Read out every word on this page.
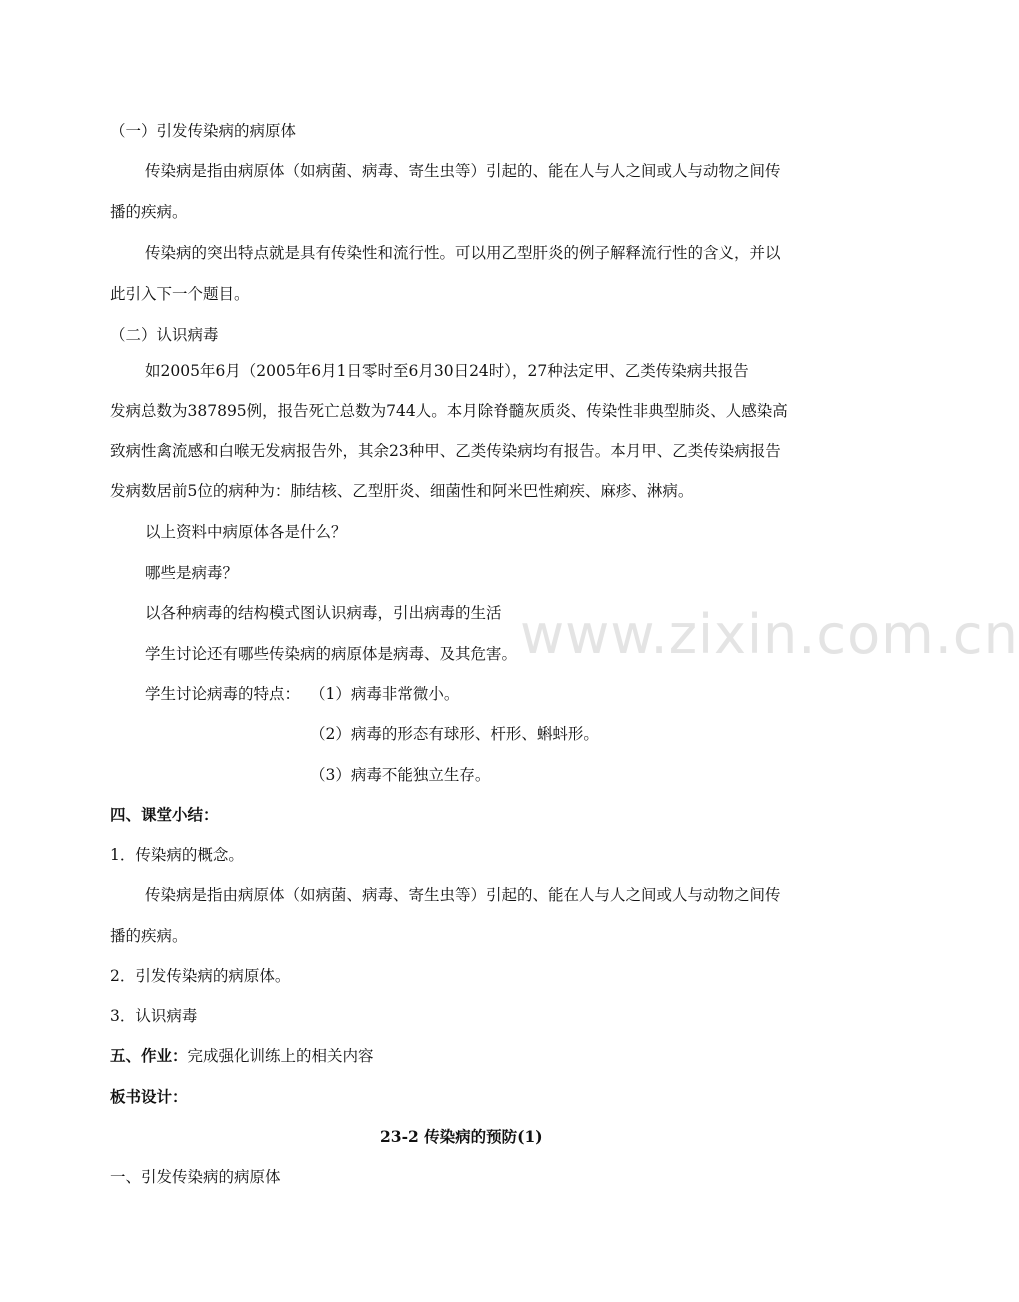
www.zixin.com.cn
（一）引发传染病的病原体
传染病是指由病原体（如病菌、病毒、寄生虫等）引起的、能在人与人之间或人与动物之间传
播的疾病。
传染病的突出特点就是具有传染性和流行性。可以用乙型肝炎的例子解释流行性的含义，并以
此引入下一个题目。
（二）认识病毒
如2005年6月（2005年6月1日零时至6月30日24时），27种法定甲、乙类传染病共报告
发病总数为387895例，报告死亡总数为744人。本月除脊髓灰质炎、传染性非典型肺炎、人感染高
致病性禽流感和白喉无发病报告外，其余23种甲、乙类传染病均有报告。本月甲、乙类传染病报告
发病数居前5位的病种为：肺结核、乙型肝炎、细菌性和阿米巴性痢疾、麻疹、淋病。
以上资料中病原体各是什么？
哪些是病毒？
以各种病毒的结构模式图认识病毒，引出病毒的生活
学生讨论还有哪些传染病的病原体是病毒、及其危害。
学生讨论病毒的特点： （1）病毒非常微小。
（2）病毒的形态有球形、杆形、蝌蚪形。
（3）病毒不能独立生存。
四、课堂小结：
1．传染病的概念。
传染病是指由病原体（如病菌、病毒、寄生虫等）引起的、能在人与人之间或人与动物之间传
播的疾病。
2．引发传染病的病原体。
3．认识病毒
五、作业：完成强化训练上的相关内容
板书设计：
23-2 传染病的预防(1)
一、引发传染病的病原体
